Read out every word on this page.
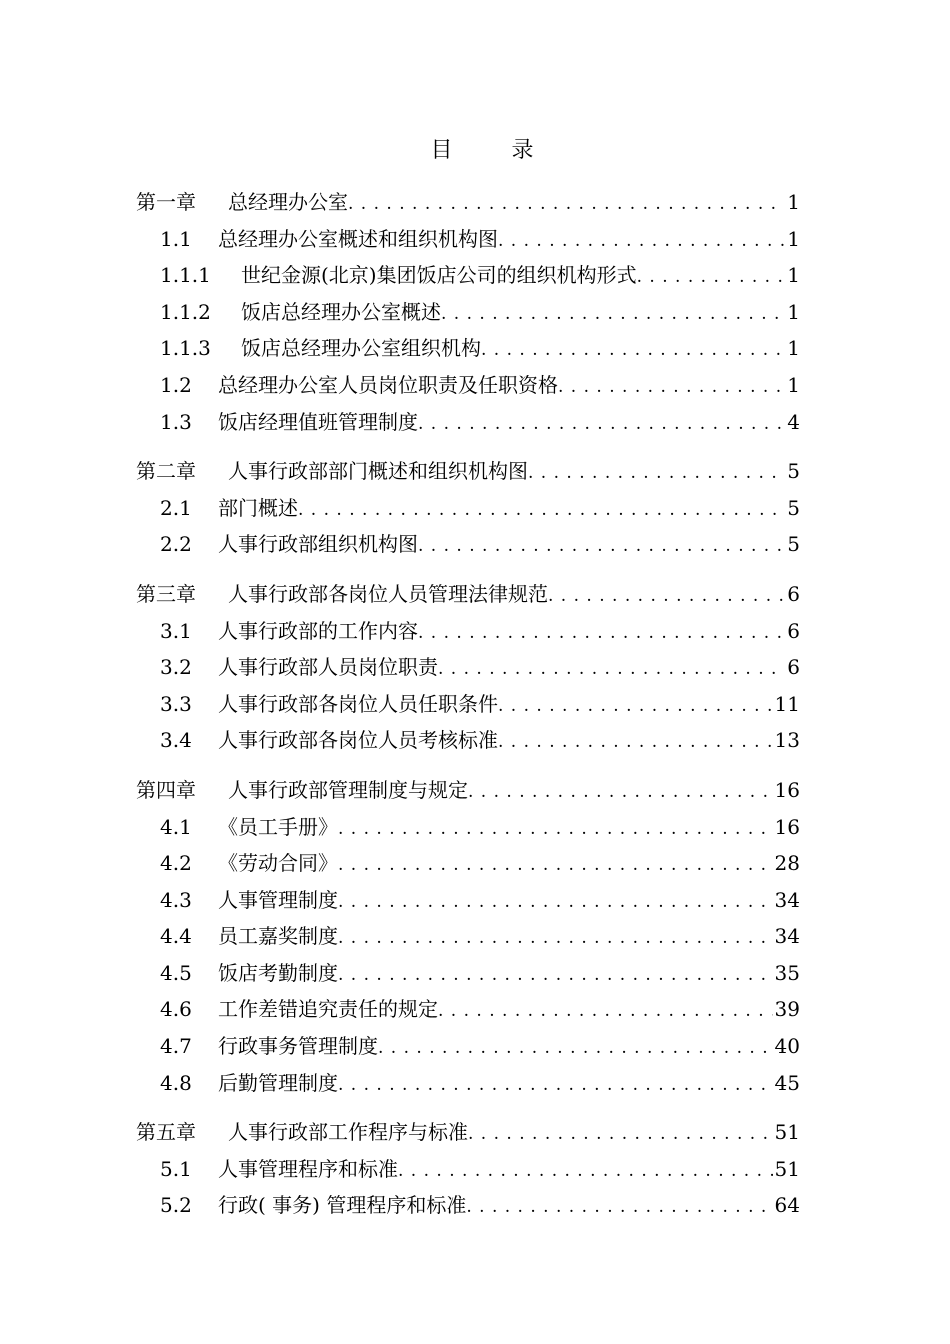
目 录
第一章	总经理办公室 . . .	1
1.1	总经理办公室概述和组织机构图 . . .	1
1.1.1	世纪金源(北京)集团饭店公司的组织机构形式 . . .	1
1.1.2	饭店总经理办公室概述 . . .	1
1.1.3	饭店总经理办公室组织机构 . . .	1
1.2	总经理办公室人员岗位职责及任职资格 . . .	1
1.3	饭店经理值班管理制度 . . .	4
第二章	人事行政部部门概述和组织机构图 . . .	5
2.1	部门概述 . . .	5
2.2	人事行政部组织机构图 . . .	5
第三章	人事行政部各岗位人员管理法律规范 . . .	6
3.1	人事行政部的工作内容 . . .	6
3.2	人事行政部人员岗位职责 . . .	6
3.3	人事行政部各岗位人员任职条件 . . .	11
3.4	人事行政部各岗位人员考核标准 . . .	13
第四章	人事行政部管理制度与规定 . . .	16
4.1	《员工手册》 . . .	16
4.2	《劳动合同》 . . .	28
4.3	人事管理制度 . . .	34
4.4	员工嘉奖制度 . . .	34
4.5	饭店考勤制度 . . .	35
4.6	工作差错追究责任的规定 . . .	39
4.7	行政事务管理制度 . . .	40
4.8	后勤管理制度 . . .	45
第五章	人事行政部工作程序与标准 . . .	51
5.1	人事管理程序和标准 . . .	51
5.2	行政( 事务) 管理程序和标准 . . .	64
